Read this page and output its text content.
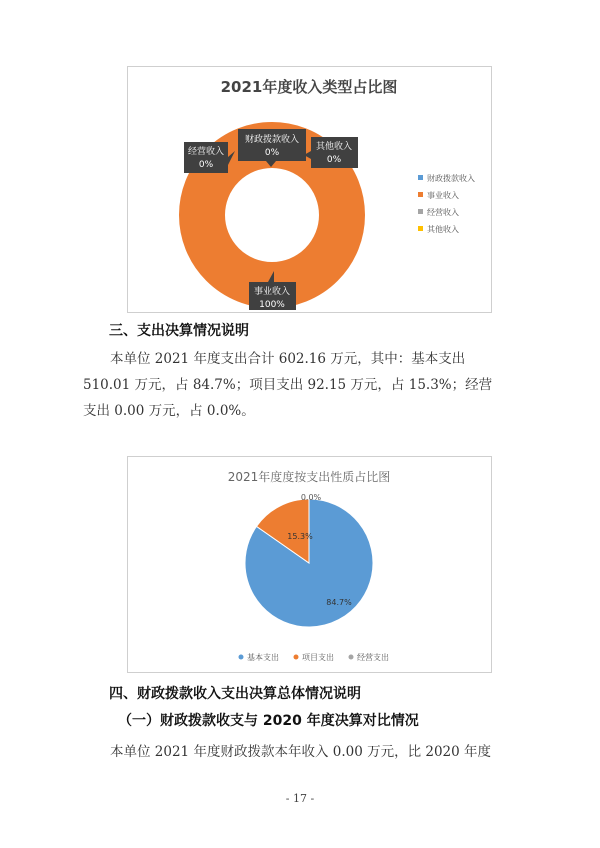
2021年度收入类型占比图
经营收入
0%
财政拨款收入
0%
其他收入
0%
事业收入
100%
财政拨款收入
事业收入
经营收入
其他收入
三、支出决算情况说明
本单位 2021 年度支出合计 602.16 万元，其中：基本支出
510.01 万元，占 84.7%；项目支出 92.15 万元，占 15.3%；经营
支出 0.00 万元，占 0.0%。
2021年度度按支出性质占比图
0.0%
15.3%
84.7%
基本支出	项目支出	经营支出
四、财政拨款收入支出决算总体情况说明
（一）财政拨款收支与 2020 年度决算对比情况
本单位 2021 年度财政拨款本年收入 0.00 万元，比 2020 年度
- 17 -
